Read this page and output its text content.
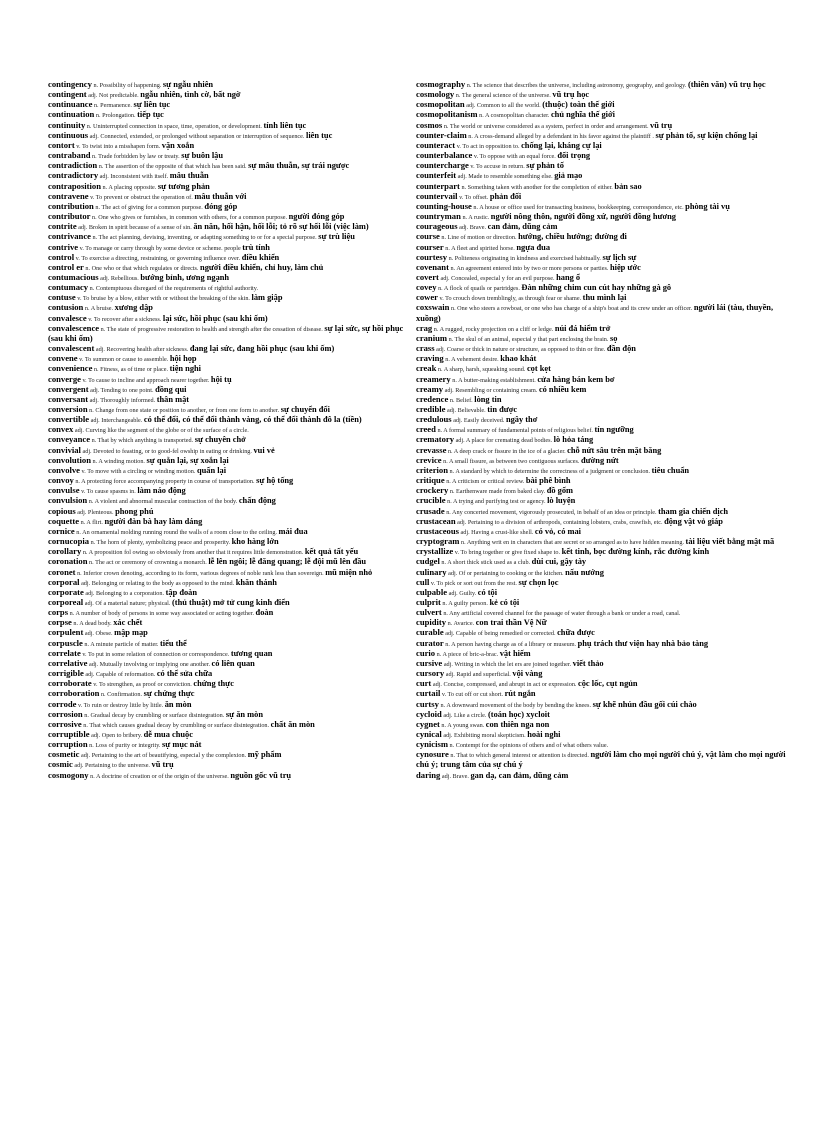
contingency n. Possibility of happening. sự ngẫu nhiên

contingent adj. Not predictable. ngẫu nhiên, tình cờ, bất ngờ

continuance n. Permanence. sự liên tục

continuation n. Prolongation. tiếp tục

continuity n. Uninterrupted connection in space, time, operation, or development. tính liên tục

continuous adj. Connected, extended, or prolonged without separation or interruption of sequence. liên tục

contort v. To twist into a misshapen form. vặn xoắn

contraband n. Trade forbidden by law or treaty. sự buôn lậu

contradiction n. The assertion of the opposite of that which has been said. sự mâu thuẫn, sự trái ngược

contradictory adj. Inconsistent with itself. mâu thuẫn

contraposition n. A placing opposite. sự tương phản

contravene v. To prevent or obstruct the operation of. mâu thuẫn với

contribution n. The act of giving for a common purpose. đóng góp

contributor n. One who gives or furnishes, in common with others, for a common purpose. người đóng góp

contrite adj. Broken in spirit because of a sense of sin. ăn năn, hối hận, hối lỗi; tỏ rõ sự hối lỗi (việc làm)

contrivance n. The act planning, devising, inventing, or adapting something to or for a special purpose. sự trù liệu

contrive v. To manage or carry through by some device or scheme. people trù tính

control v. To exercise a directing, restraining, or governing influence over. điều khiển

control er n. One who or that which regulates or directs. người điều khiển, chỉ huy, làm chủ

contumacious adj. Rebellious. bướng bỉnh, ương ngạnh

contumacy n. Contemptuous disregard of the requirements of rightful authority.

contuse v. To bruise by a blow, either with or without the breaking of the skin. làm giập

contusion n. A bruise. xương dập

convalesce v. To recover after a sickness. lại sức, hồi phục (sau khi ốm)

convalescence n. The state of progressive restoration to health and strength after the cessation of disease. sự lại sức, sự hồi phục (sau khi ốm)

convalescent adj. Recovering health after sickness. đang lại sức, đang hồi phục (sau khi ốm)

convene v. To summon or cause to assemble. hội họp

convenience n. Fitness, as of time or place. tiện nghi

converge v. To cause to incline and approach nearer together. hội tụ

convergent adj. Tending to one point. đồng qui

conversant adj. Thoroughly informed. thân mật

conversion n. Change from one state or position to another, or from one form to another. sự chuyển đổi

convertible adj. Interchangeable. có thể đổi, có thể đổi thành vàng, có thể đổi thành đô la (tiền)

convex adj. Curving like the segment of the globe or of the surface of a circle.

conveyance n. That by which anything is transported. sự chuyên chở

convivial adj. Devoted to feasting, or to good-fel owship in eating or drinking. vui vẻ

convolution n. A winding motion. sự quằn lại, sự xoắn lại

convolve v. To move with a circling or winding motion. quấn lại

convoy n. A protecting force accompanying property in course of transportation. sự hộ tống

convulse v. To cause spasms in. làm náo động

convulsion n. A violent and abnormal muscular contraction of the body. chấn động

copious adj. Plenteous. phong phú

coquette n. A flirt. người đàn bà hay làm dáng

cornice n. An ornamental molding running round the walls of a room close to the ceiling. mái đua

cornucopia n. The horn of plenty, symbolizing peace and prosperity. kho hàng lớn

corollary n. A proposition fol owing so obviously from another that it requires little demonstration. kết quả tất yếu

coronation n. The act or ceremony of crowning a monarch. lễ lên ngôi; lễ đăng quang; lễ đội mũ lên đầu

coronet n. Inferior crown denoting, according to its form, various degrees of noble rank less than sovereign. mũ miện nhỏ

corporal adj. Belonging or relating to the body as opposed to the mind. khăn thánh

corporate adj. Belonging to a corporation. tập đoàn

corporeal adj. Of a material nature; physical. (thủ thuật) mở tử cung kinh điển

corps n. A number of body of persons in some way associated or acting together. đoàn

corpse n. A dead body. xác chết

corpulent adj. Obese. mập mạp

corpuscle n. A minute particle of matter. tiểu thể

correlate v. To put in some relation of connection or correspondence. tương quan

correlative adj. Mutually involving or implying one another. có liên quan

corrigible adj. Capable of reformation. có thể sửa chữa

corroborate v. To strengthen, as proof or conviction. chứng thực

corroboration n. Confirmation. sự chứng thực

corrode v. To ruin or destroy little by little. ăn mòn

corrosion n. Gradual decay by crumbling or surface disintegration. sự ăn mòn

corrosive n. That which causes gradual decay by crumbling or surface disintegration. chất ăn mòn

corruptible adj. Open to bribery. dễ mua chuộc

corruption n. Loss of purity or integrity. sự mục nát

cosmetic adj. Pertaining to the art of beautifying, especial y the complexion. mỹ phẩm

cosmic adj. Pertaining to the universe. vũ trụ

cosmogony n. A doctrine of creation or of the origin of the universe. nguồn gốc vũ trụ

cosmography n. The science that describes the universe, including astronomy, geography, and geology. (thiên văn) vũ trụ học

cosmology n. The general science of the universe. vũ trụ học

cosmopolitan adj. Common to all the world. (thuộc) toàn thế giới

cosmopolitanism n. A cosmopolitan character. chủ nghĩa thế giới

cosmos n. The world or universe considered as a system, perfect in order and arrangement. vũ trụ

counter-claim n. A cross-demand alleged by a defendant in his favor against the plaintiff . sự phản tố, sự kiện chống lại

counteract v. To act in opposition to. chống lại, kháng cự lại

counterbalance v. To oppose with an equal force. đối trọng

countercharge v. To accuse in return. sự phản tố

counterfeit adj. Made to resemble something else. giả mạo

counterpart n. Something taken with another for the completion of either. bản sao

countervail v. To offset. phản đối

counting-house n. A house or office used for transacting business, bookkeeping, correspondence, etc. phòng tài vụ

countryman n. A rustic. người nông thôn, người đồng xứ, người đồng hương

courageous adj. Brave. can đảm, dũng cảm

course n. Line of motion or direction. hướng, chiều hướng; đường đi

courser n. A fleet and spirited horse. ngựa đua

courtesy n. Politeness originating in kindness and exercised habitually. sự lịch sự

covenant n. An agreement entered into by two or more persons or parties. hiệp ước

covert adj. Concealed, especial y for an evil purpose. hang ổ

covey n. A flock of quails or partridges. Đàn những chim cun cút hay những gà gô

cower v. To crouch down tremblingly, as through fear or shame. thu mình lại

coxswain n. One who steers a rowboat, or one who has charge of a ship's boat and its crew under an officer. người lái (tàu, thuyền, xuồng)

crag n. A rugged, rocky projection on a cliff or ledge. núi đá hiểm trở

cranium n. The skul of an animal, especial y that part enclosing the brain. sọ

crass adj. Coarse or thick in nature or structure, as opposed to thin or fine. đần độn

craving n. A vehement desire. khao khát

creak n. A sharp, harsh, squeaking sound. cọt kẹt

creamery n. A butter-making establishment. cửa hàng bán kem bơ

creamy adj. Resembling or containing cream. có nhiều kem

credence n. Belief. lòng tin

credible adj. Believable. tin được

credulous adj. Easily deceived. ngây thơ

creed n. A formal summary of fundamental points of religious belief. tín ngưỡng

crematory adj. A place for cremating dead bodies. lò hỏa táng

crevasse n. A deep crack or fissure in the ice of a glacier. chỗ nứt sâu trên mặt băng

crevice n. A small fissure, as between two contiguous surfaces. đường nứt

criterion n. A standard by which to determine the correctness of a judgment or conclusion. tiêu chuẩn

critique n. A criticism or critical review. bài phê bình

crockery n. Earthenware made from baked clay. đồ gốm

crucible n. A trying and purifying test or agency. lò luyện

crusade n. Any concerted movement, vigorously prosecuted, in behalf of an idea or principle. tham gia chiến dịch

crustacean adj. Pertaining to a division of arthropods, containing lobsters, crabs, crawfish, etc. động vật vỏ giáp

crustaceous adj. Having a crust-like shell. có vỏ, có mai

cryptogram n. Anything writ en in characters that are secret or so arranged as to have hidden meaning. tài liệu viết bằng mật mã

crystallize v. To bring together or give fixed shape to. kết tinh, bọc đường kính, rắc đường kính

cudgel n. A short thick stick used as a club. dùi cui, gậy tày

culinary adj. Of or pertaining to cooking or the kitchen. nấu nướng

cull v. To pick or sort out from the rest. sự chọn lọc

culpable adj. Guilty. có tội

culprit n. A guilty person. kẻ có tội

culvert n. Any artificial covered channel for the passage of water through a bank or under a road, canal.

cupidity n. Avarice. con trai thần Vệ Nữ

curable adj. Capable of being remedied or corrected. chữa được

curator n. A person having charge as of a library or museum. phụ trách thư viện hay nhà bảo tàng

curio n. A piece of bric-a-brac. vật hiếm

cursive adj. Writing in which the let ers are joined together. viết thảo

cursory adj. Rapid and superficial. vội vàng

curt adj. Concise, compressed, and abrupt in act or expression. cộc lốc, cụt ngủn

curtail v. To cut off or cut short. rút ngắn

curtsy n. A downward movement of the body by bending the knees. sự khẽ nhún đầu gối cúi chào

cycloid adj. Like a circle. (toán học) xycloit

cygnet n. A young swan. con thiên nga non

cynical adj. Exhibiting moral skepticism. hoài nghi

cynicism n. Contempt for the opinions of others and of what others value.

cynosure n. That to which general interest or attention is directed. người làm cho mọi người chú ý, vật làm cho mọi người chú ý; trung tâm của sự chú ý

daring adj. Brave. gan dạ, can đảm, dũng cảm
